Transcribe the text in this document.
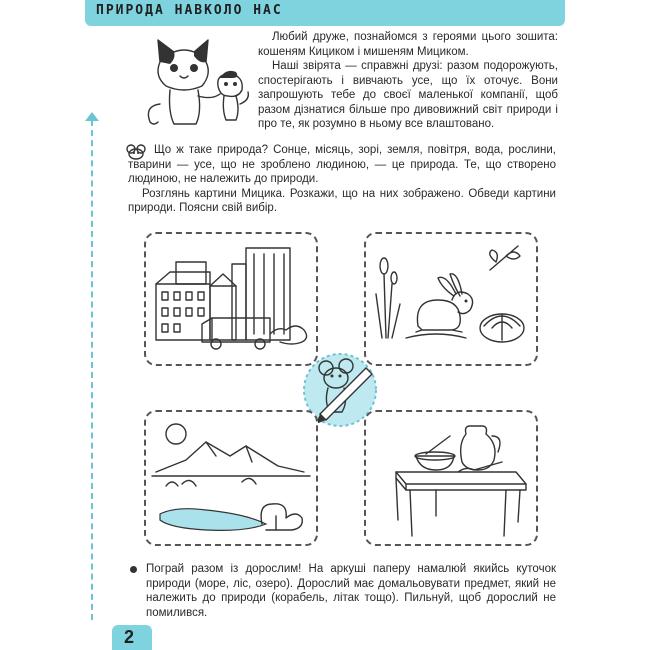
ПРИРОДА НАВКОЛО НАС

Любий друже, познайомся з героями цього зошита: кошеням Кициком і мишеням Мициком.

Наші звірята — справжні друзі: разом подорожують, спостерігають і вивчають усе, що їх оточує. Вони запрошують тебе до своєї маленької компанії, щоб разом дізнатися більше про дивовижний світ природи і про те, як розумно в ньому все влаштовано.

Що ж таке природа? Сонце, місяць, зорі, земля, повітря, вода, рослини, тварини — усе, що не зроблено людиною, — це природа. Те, що створено людиною, не належить до природи.

Розглянь картини Мицика. Розкажи, що на них зображено. Обведи картини природи. Поясни свій вибір.

Пограй разом із дорослим! На аркуші паперу намалюй якийсь куточок природи (море, ліс, озеро). Дорослий має домальовувати предмет, який не належить до природи (корабель, літак тощо). Пильнуй, щоб дорослий не помилився.
2
